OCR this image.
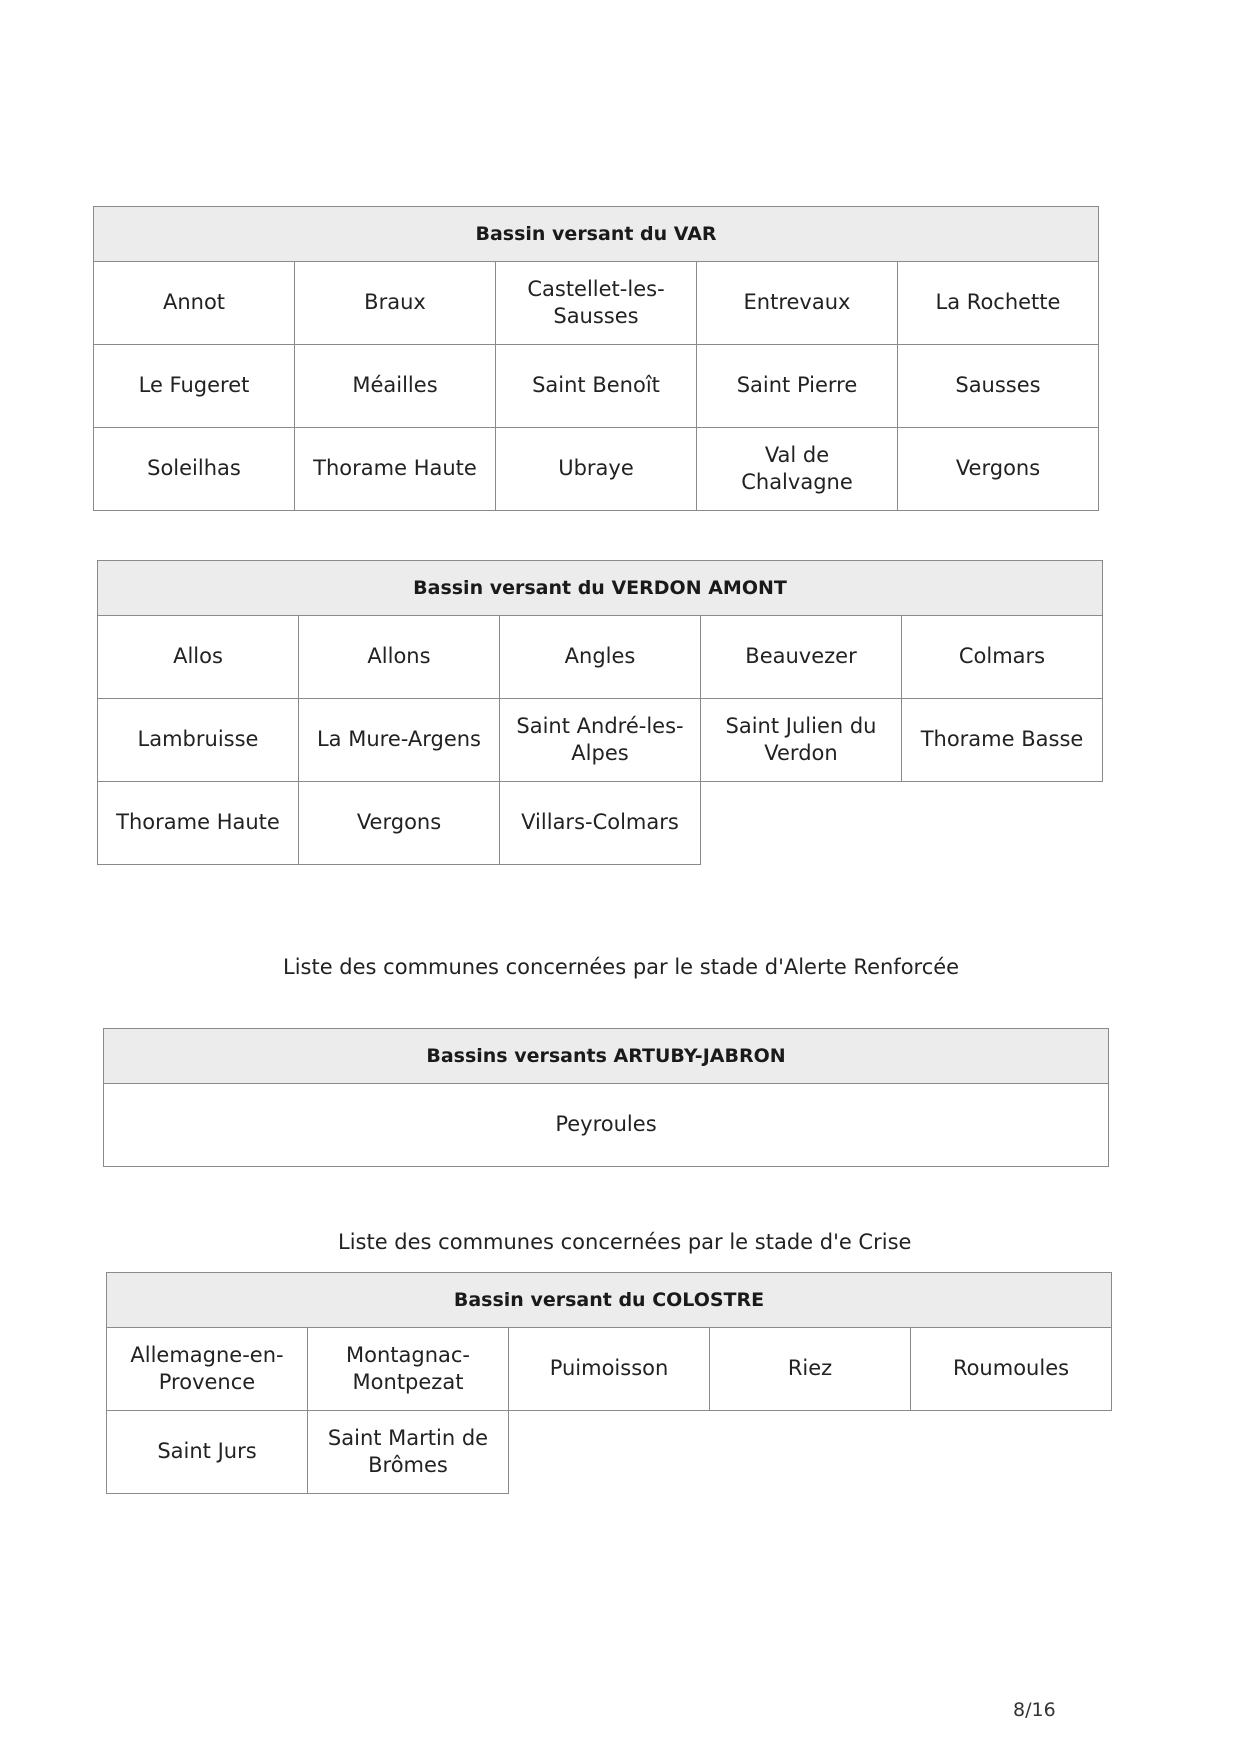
Bassin versant du VAR				
Annot	Braux	Castellet-les-Sausses	Entrevaux	La Rochette
Le Fugeret	Méailles	Saint Benoît	Saint Pierre	Sausses
Soleilhas	Thorame Haute	Ubraye	Val de Chalvagne	Vergons
Bassin versant du VERDON AMONT				
Allos	Allons	Angles	Beauvezer	Colmars
Lambruisse	La Mure-Argens	Saint André-les-Alpes	Saint Julien du Verdon	Thorame Basse
Thorame Haute	Vergons	Villars-Colmars		
Liste des communes concernées par le stade d'Alerte Renforcée
Bassins versants ARTUBY-JABRON
Peyroules
Liste des communes concernées par le stade d'e Crise
Bassin versant du COLOSTRE				
Allemagne-en-Provence	Montagnac-Montpezat	Puimoisson	Riez	Roumoules
Saint Jurs	Saint Martin de Brômes			
8/16
